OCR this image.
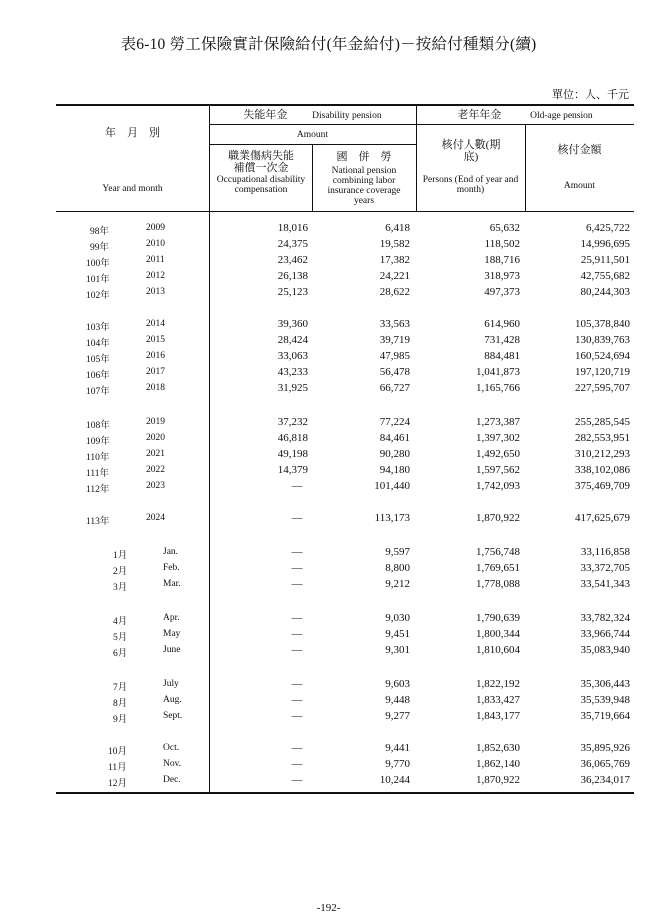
表6-10 勞工保險實計保險給付(年金給付)－按給付種類分(續)
單位：人、千元
年　月　別
Year and month
失能年金	Disability pension
Amount
職業傷病失能補償一次金
Occupational disability compensation
國　併　勞
National pension combining labor insurance coverage years
老年年金	Old-age pension
核付人數(期底)
Persons (End of year and month)
核付金額
Amount
98年	2009	18,016	6,418	65,632	6,425,722
99年	2010	24,375	19,582	118,502	14,996,695
100年	2011	23,462	17,382	188,716	25,911,501
101年	2012	26,138	24,221	318,973	42,755,682
102年	2013	25,123	28,622	497,373	80,244,303
103年	2014	39,360	33,563	614,960	105,378,840
104年	2015	28,424	39,719	731,428	130,839,763
105年	2016	33,063	47,985	884,481	160,524,694
106年	2017	43,233	56,478	1,041,873	197,120,719
107年	2018	31,925	66,727	1,165,766	227,595,707
108年	2019	37,232	77,224	1,273,387	255,285,545
109年	2020	46,818	84,461	1,397,302	282,553,951
110年	2021	49,198	90,280	1,492,650	310,212,293
111年	2022	14,379	94,180	1,597,562	338,102,086
112年	2023	—	101,440	1,742,093	375,469,709
113年	2024	—	113,173	1,870,922	417,625,679
1月	Jan.	—	9,597	1,756,748	33,116,858
2月	Feb.	—	8,800	1,769,651	33,372,705
3月	Mar.	—	9,212	1,778,088	33,541,343
4月	Apr.	—	9,030	1,790,639	33,782,324
5月	May	—	9,451	1,800,344	33,966,744
6月	June	—	9,301	1,810,604	35,083,940
7月	July	—	9,603	1,822,192	35,306,443
8月	Aug.	—	9,448	1,833,427	35,539,948
9月	Sept.	—	9,277	1,843,177	35,719,664
10月	Oct.	—	9,441	1,852,630	35,895,926
11月	Nov.	—	9,770	1,862,140	36,065,769
12月	Dec.	—	10,244	1,870,922	36,234,017
-192-
